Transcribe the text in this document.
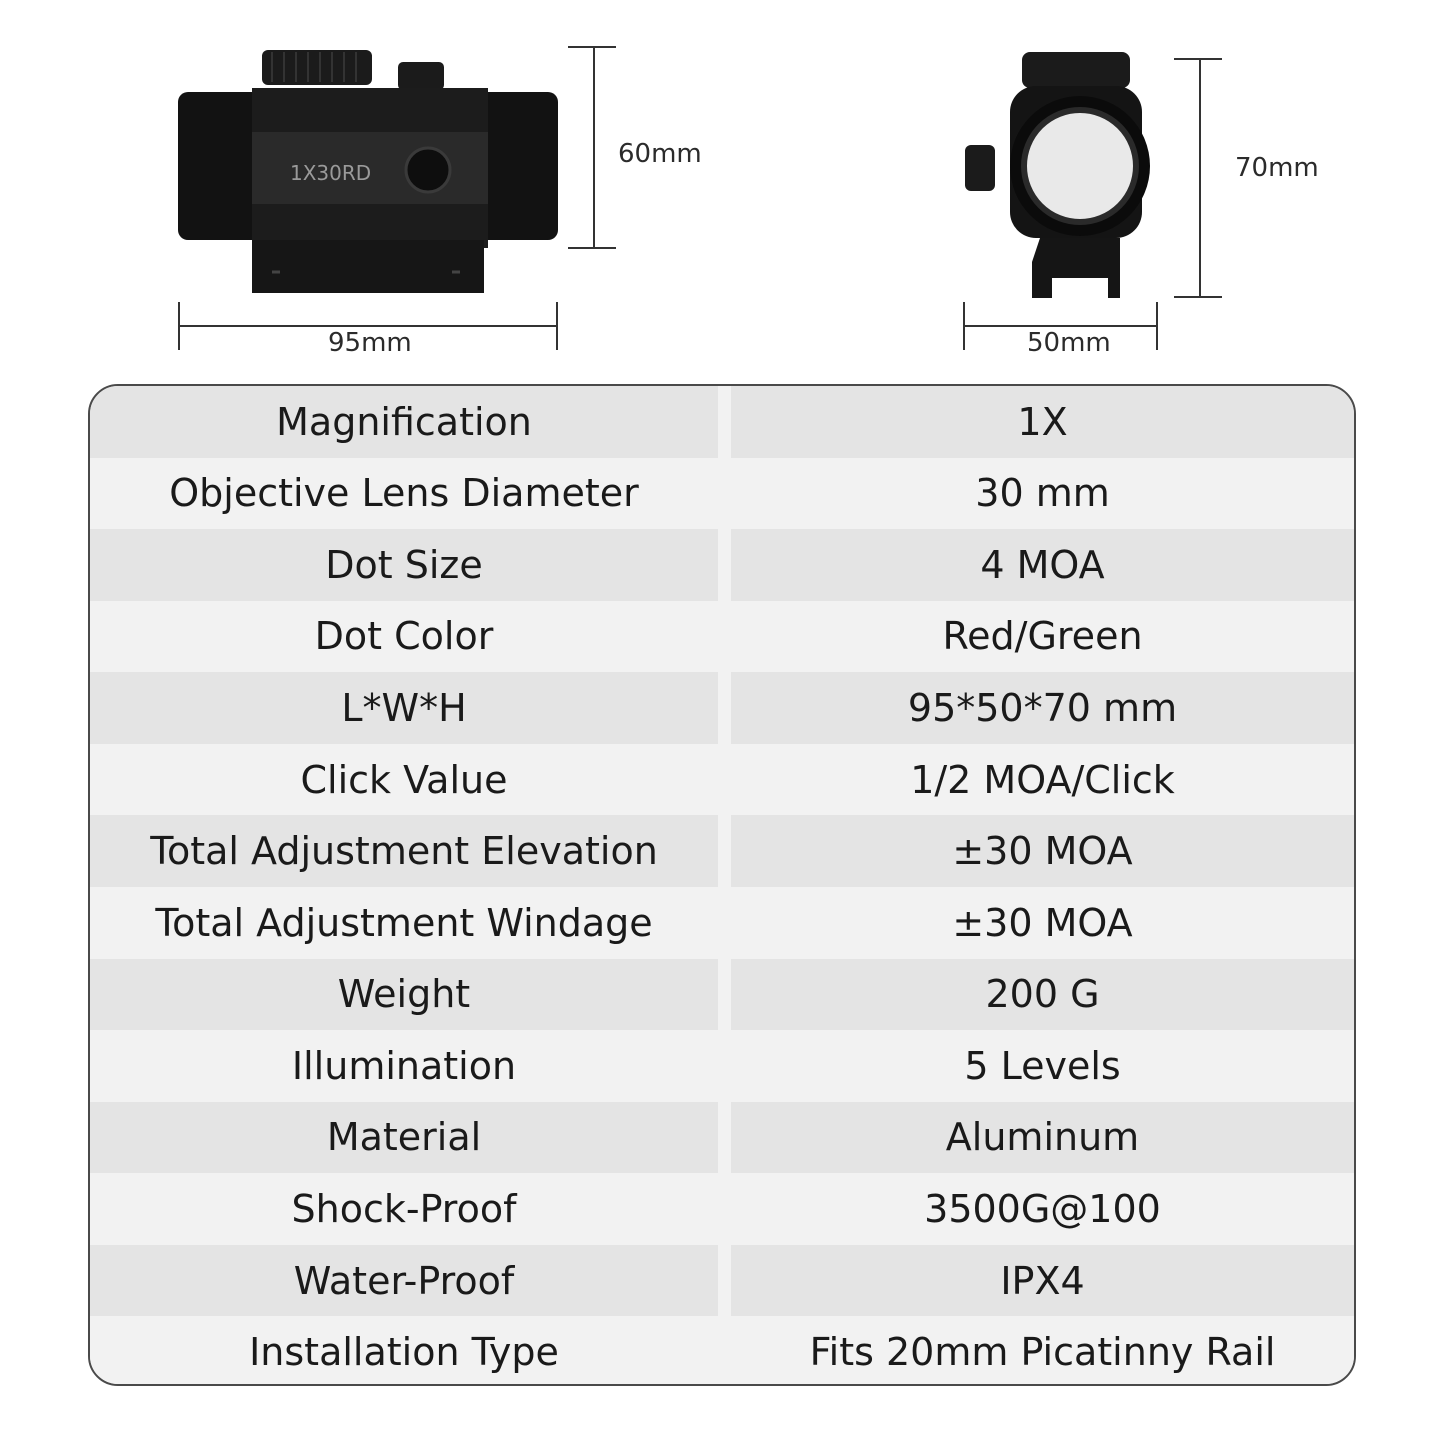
1X30RD
60mm
95mm
70mm
50mm
Magnification	1X
Objective Lens Diameter	30 mm
Dot Size	4 MOA
Dot Color	Red/Green
L*W*H	95*50*70 mm
Click Value	1/2 MOA/Click
Total Adjustment Elevation	±30 MOA
Total Adjustment Windage	±30 MOA
Weight	200 G
Illumination	5 Levels
Material	Aluminum
Shock-Proof	3500G@100
Water-Proof	IPX4
Installation Type	Fits 20mm Picatinny Rail
